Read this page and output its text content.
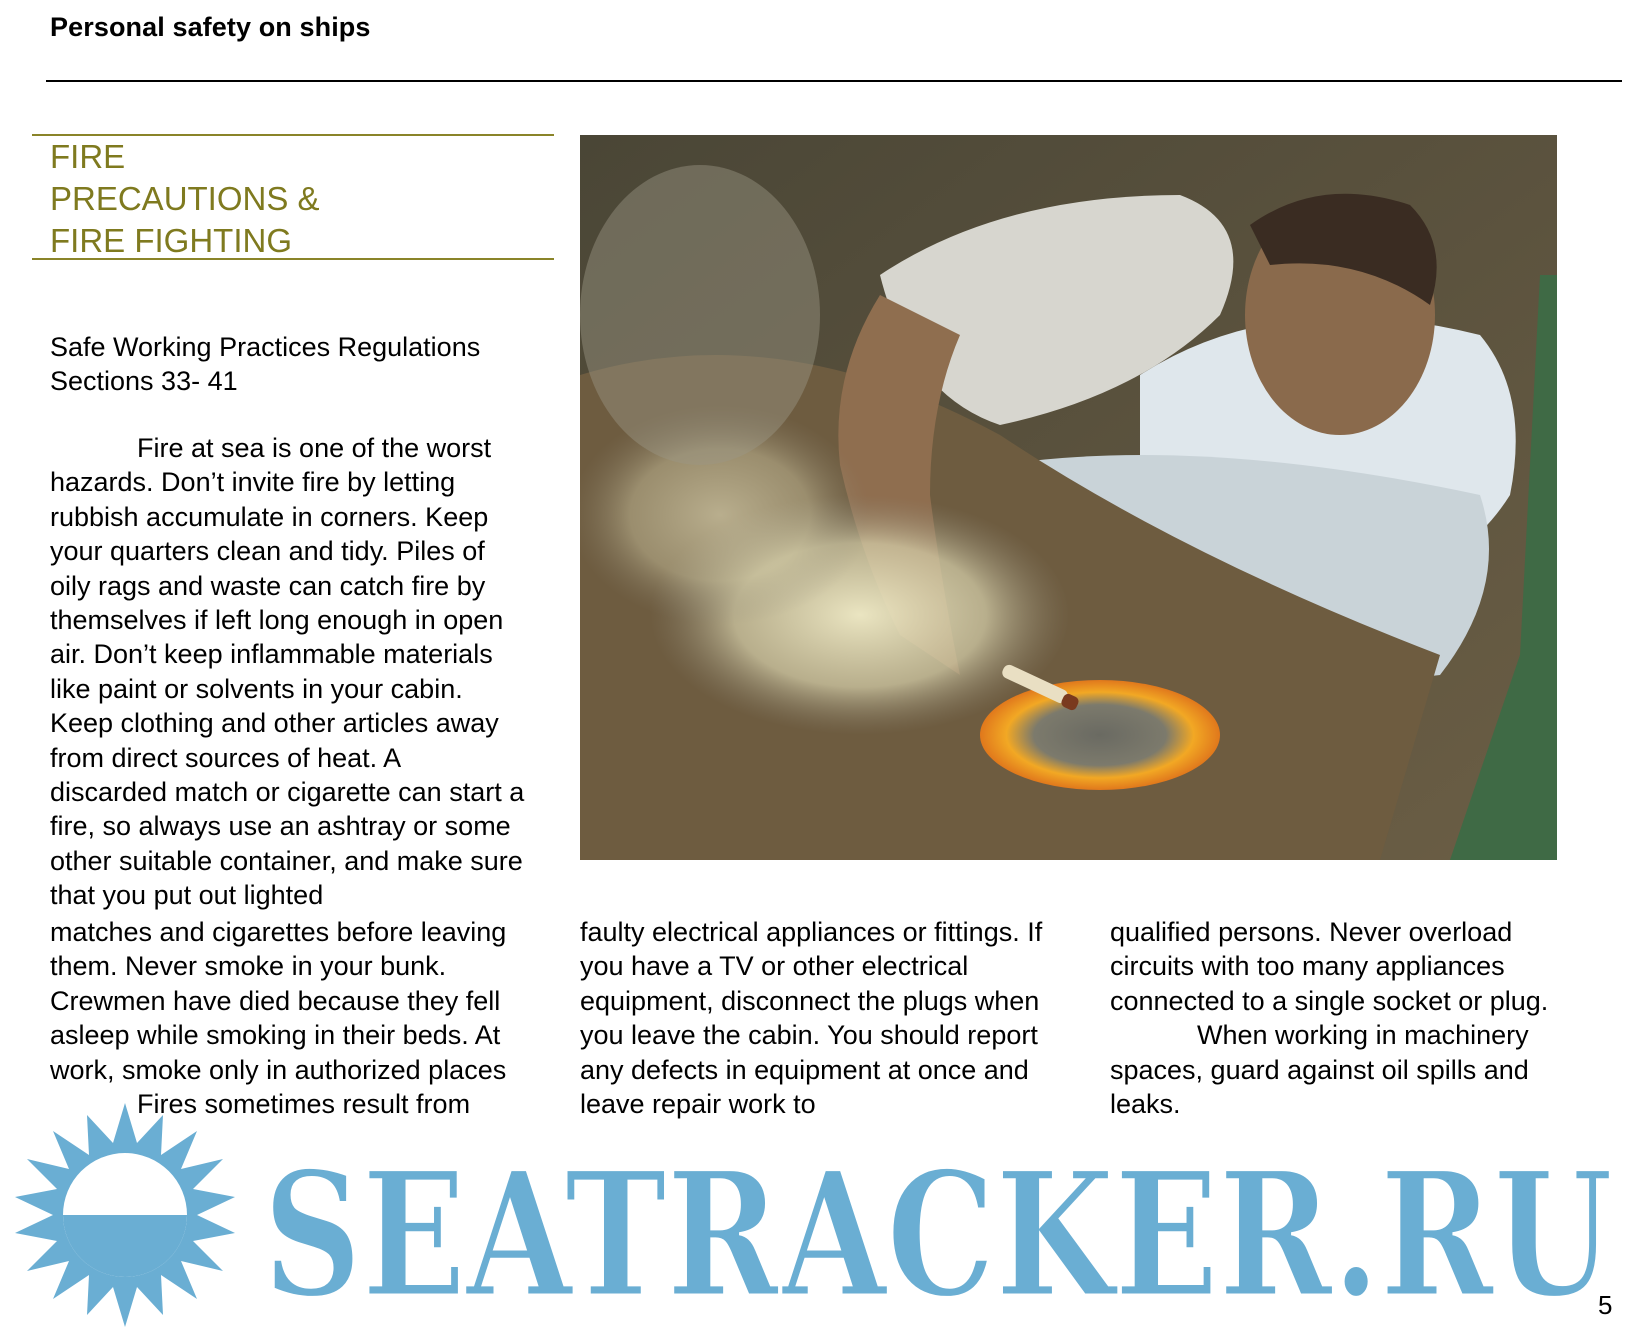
Personal safety on ships
FIRE
PRECAUTIONS &
FIRE FIGHTING
Safe Working Practices Regulations
Sections 33- 41
Fire at sea is one of the worst
hazards. Don’t invite fire by letting
rubbish accumulate in corners. Keep
your quarters clean and tidy. Piles of
oily rags and waste can catch fire by
themselves if left long enough in open
air. Don’t keep inflammable materials
like paint or solvents in your cabin.
Keep clothing and other articles away
from direct sources of heat. A
discarded match or cigarette can start a
fire, so always use an ashtray or some
other suitable container, and make sure
that you put out lighted
matches and cigarettes before leaving
them. Never smoke in your bunk.
Crewmen have died because they fell
asleep while smoking in their beds. At
work, smoke only in authorized places
Fires sometimes result from
faulty electrical appliances or fittings. If
you have a TV or other electrical
equipment, disconnect the plugs when
you leave the cabin. You should report
any defects in equipment at once and
leave repair work to
qualified persons. Never overload
circuits with too many appliances
connected to a single socket or plug.
When working in machinery
spaces, guard against oil spills and
leaks.
SEATRACKER.RU
5
